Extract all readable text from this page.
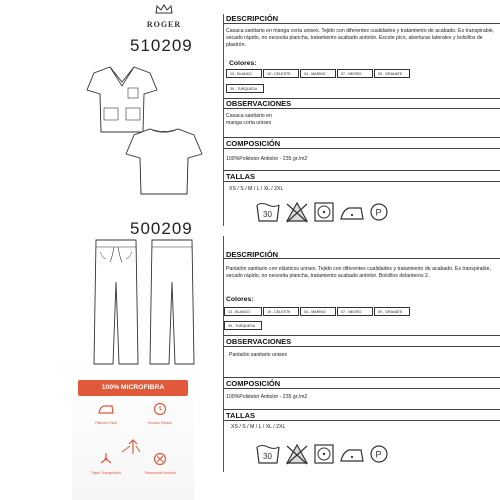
ROGER
510209
500209
DESCRIPCIÓN
Casaca sanitario en manga corta unisex. Tejido con diferentes cualidades y tratamiento de acabado. Es transpirable, secado rápido, no necesita plancha, tratamiento acabado antiolor. Escote pico, aberturas laterales y bolsillos de plastrón.
Colores:
13 - BLANCO	19 - CELESTE	04 - MARINO	07 - NEGRO	09 - GRANATE
39 - TURQUESA
OBSERVACIONES
Casaca sanitario en manga corta unisex
COMPOSICIÓN
100%Poliéster Antiolor - 235 gr./m2
TALLAS
XS / S / M / L / XL / 2XL
30	P
DESCRIPCIÓN
Pantalón sanitario con elásticos unisex. Tejido con diferentes cualidades y tratamiento de acabado. Es transpirable, secado rápido, no necesita plancha, tratamiento acabado antiolor. Bolsillos delanteros 2.
Colores:
13 - BLANCO	19 - CELESTE	04 - MARINO	07 - NEGRO	09 - GRANATE
39 - TURQUESA
OBSERVACIONES
Pantalón sanitario unisex
COMPOSICIÓN
100%Poliéster Antiolor - 235 gr./m2
TALLAS
XS / S / M / L / XL / 2XL
30	P
100% MICROFIBRA
Plancha Fácil	Secado Rápido
Tejido Transpirable	Tratamiento Antiolor
